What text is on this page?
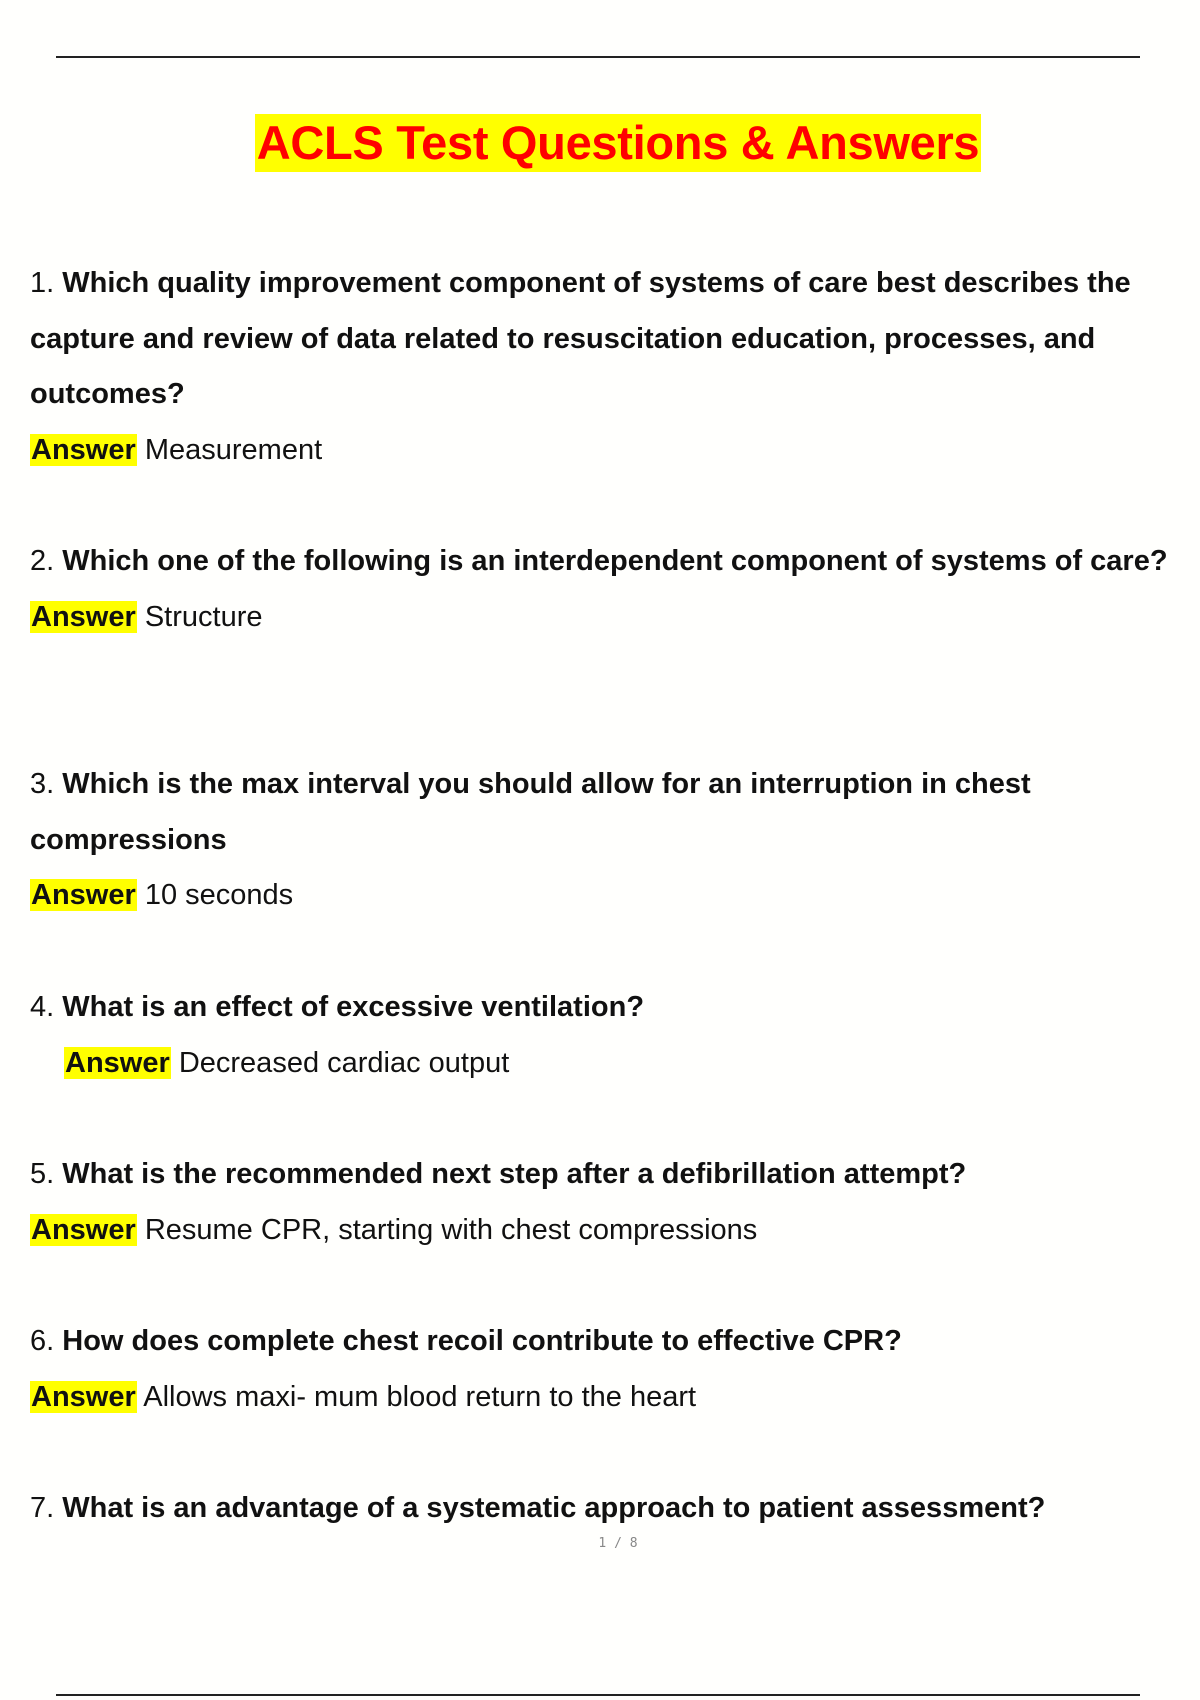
ACLS Test Questions & Answers
1. Which quality improvement component of systems of care best describes the capture and review of data related to resuscitation education, processes, and outcomes?
Answer Measurement
2. Which one of the following is an interdependent component of systems of care?
Answer Structure
3. Which is the max interval you should allow for an interruption in chest compressions
Answer 10 seconds
4. What is an effect of excessive ventilation?
Answer Decreased cardiac output
5. What is the recommended next step after a defibrillation attempt?
Answer Resume CPR, starting with chest compressions
6. How does complete chest recoil contribute to effective CPR?
Answer Allows maxi- mum blood return to the heart
7. What is an advantage of a systematic approach to patient assessment?
1 / 8
